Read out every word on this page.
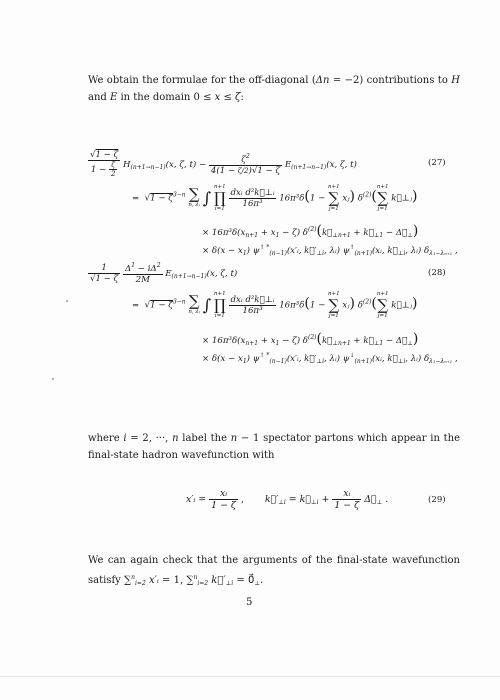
We obtain the formulae for the off-diagonal (Δn = −2) contributions to H and E in the domain 0 ≤ x ≤ ζ:

$\frac{√1 - \zeta}{1 - \frac{\zeta}{2}} H_{(n+1\to n-1)}(x$, ζ, $t) - \frac{\zeta^2}{4(1 - \zeta/2)√1 - \zeta} E_{(n+1\to n-1)}(x$, ζ, t)	(27)
=  $√1 - \zeta^{3-n}$ ∑
n, λᵢ ∫
n+1
∏
i=1

$\frac{\text{dxᵢ d²k⃗⊥ᵢ}}{\text{16π³}} 16\pi^3\delta(1$ −
n+1
∑
j=1
xⱼ) $\delta^{(2)}$(
n+1
∑
j=1
k⃗⊥ⱼ)
× $16\pi^3\delta(x_{n+1} + x_1 - \zeta)$ $\delta^{(2)}(k⃗_{\perp n+1}$ + $k⃗_{\perp 1}$ − $\Delta⃗_\perp$)
× $\delta(x - x_1)$ $\psi^{↑ *}_{(n-1)}(x'ᵢ$, $k⃗'_{\perp i}$, λᵢ) $\psi^↑_{(n+1)}(xᵢ$, $k⃗_{\perp i}$, λᵢ) $\delta_{\lambda_1-\lambda_{n+1}}$ ,
$\frac{1}{√1 - \zeta}$
$\frac{\Delta^1 - i\Delta^2}{2M} E_{(n+1\to n-1)}(x$, ζ, t)	(28)
=  $√1 - \zeta^{3-n}$ ∑
n, λᵢ ∫
n+1
∏
i=1

$\frac{\text{dxᵢ d²k⃗⊥ᵢ}}{\text{16π³}} 16\pi^3\delta(1$ −
n+1
∑
j=1
xⱼ) $\delta^{(2)}$(
n+1
∑
j=1
k⃗⊥ⱼ)
× $16\pi^3\delta(x_{n+1} + x_1 - \zeta)$ $\delta^{(2)}(k⃗_{\perp n+1}$ + $k⃗_{\perp 1}$ − $\Delta⃗_\perp$)
× $\delta(x - x_1)$ $\psi^{↑ *}_{(n-1)}(x'ᵢ$, $k⃗'_{\perp i}$, λᵢ) $\psi^↓_{(n+1)}(xᵢ$, $k⃗_{\perp i}$, λᵢ) $\delta_{\lambda_1-\lambda_{n+1}}$ ,

where i = 2, ···, n label the n − 1 spectator partons which appear in the final-state hadron wavefunction with

x′ᵢ = $\frac{\text{xᵢ}}{1 - \zeta}$ ,       $k⃗'_{\perp i}$ = $k⃗_{\perp i} + \frac{\text{xᵢ}}{1 - \zeta}$ $\Delta⃗_\perp$ .	(29)

We can again check that the arguments of the final-state wavefunction satisfy ∑$^n_{i=2}$ x′ᵢ = 1, ∑$^n_{i=2}$ $k⃗'_{\perp i}$ = $0⃗_\perp$.

5
